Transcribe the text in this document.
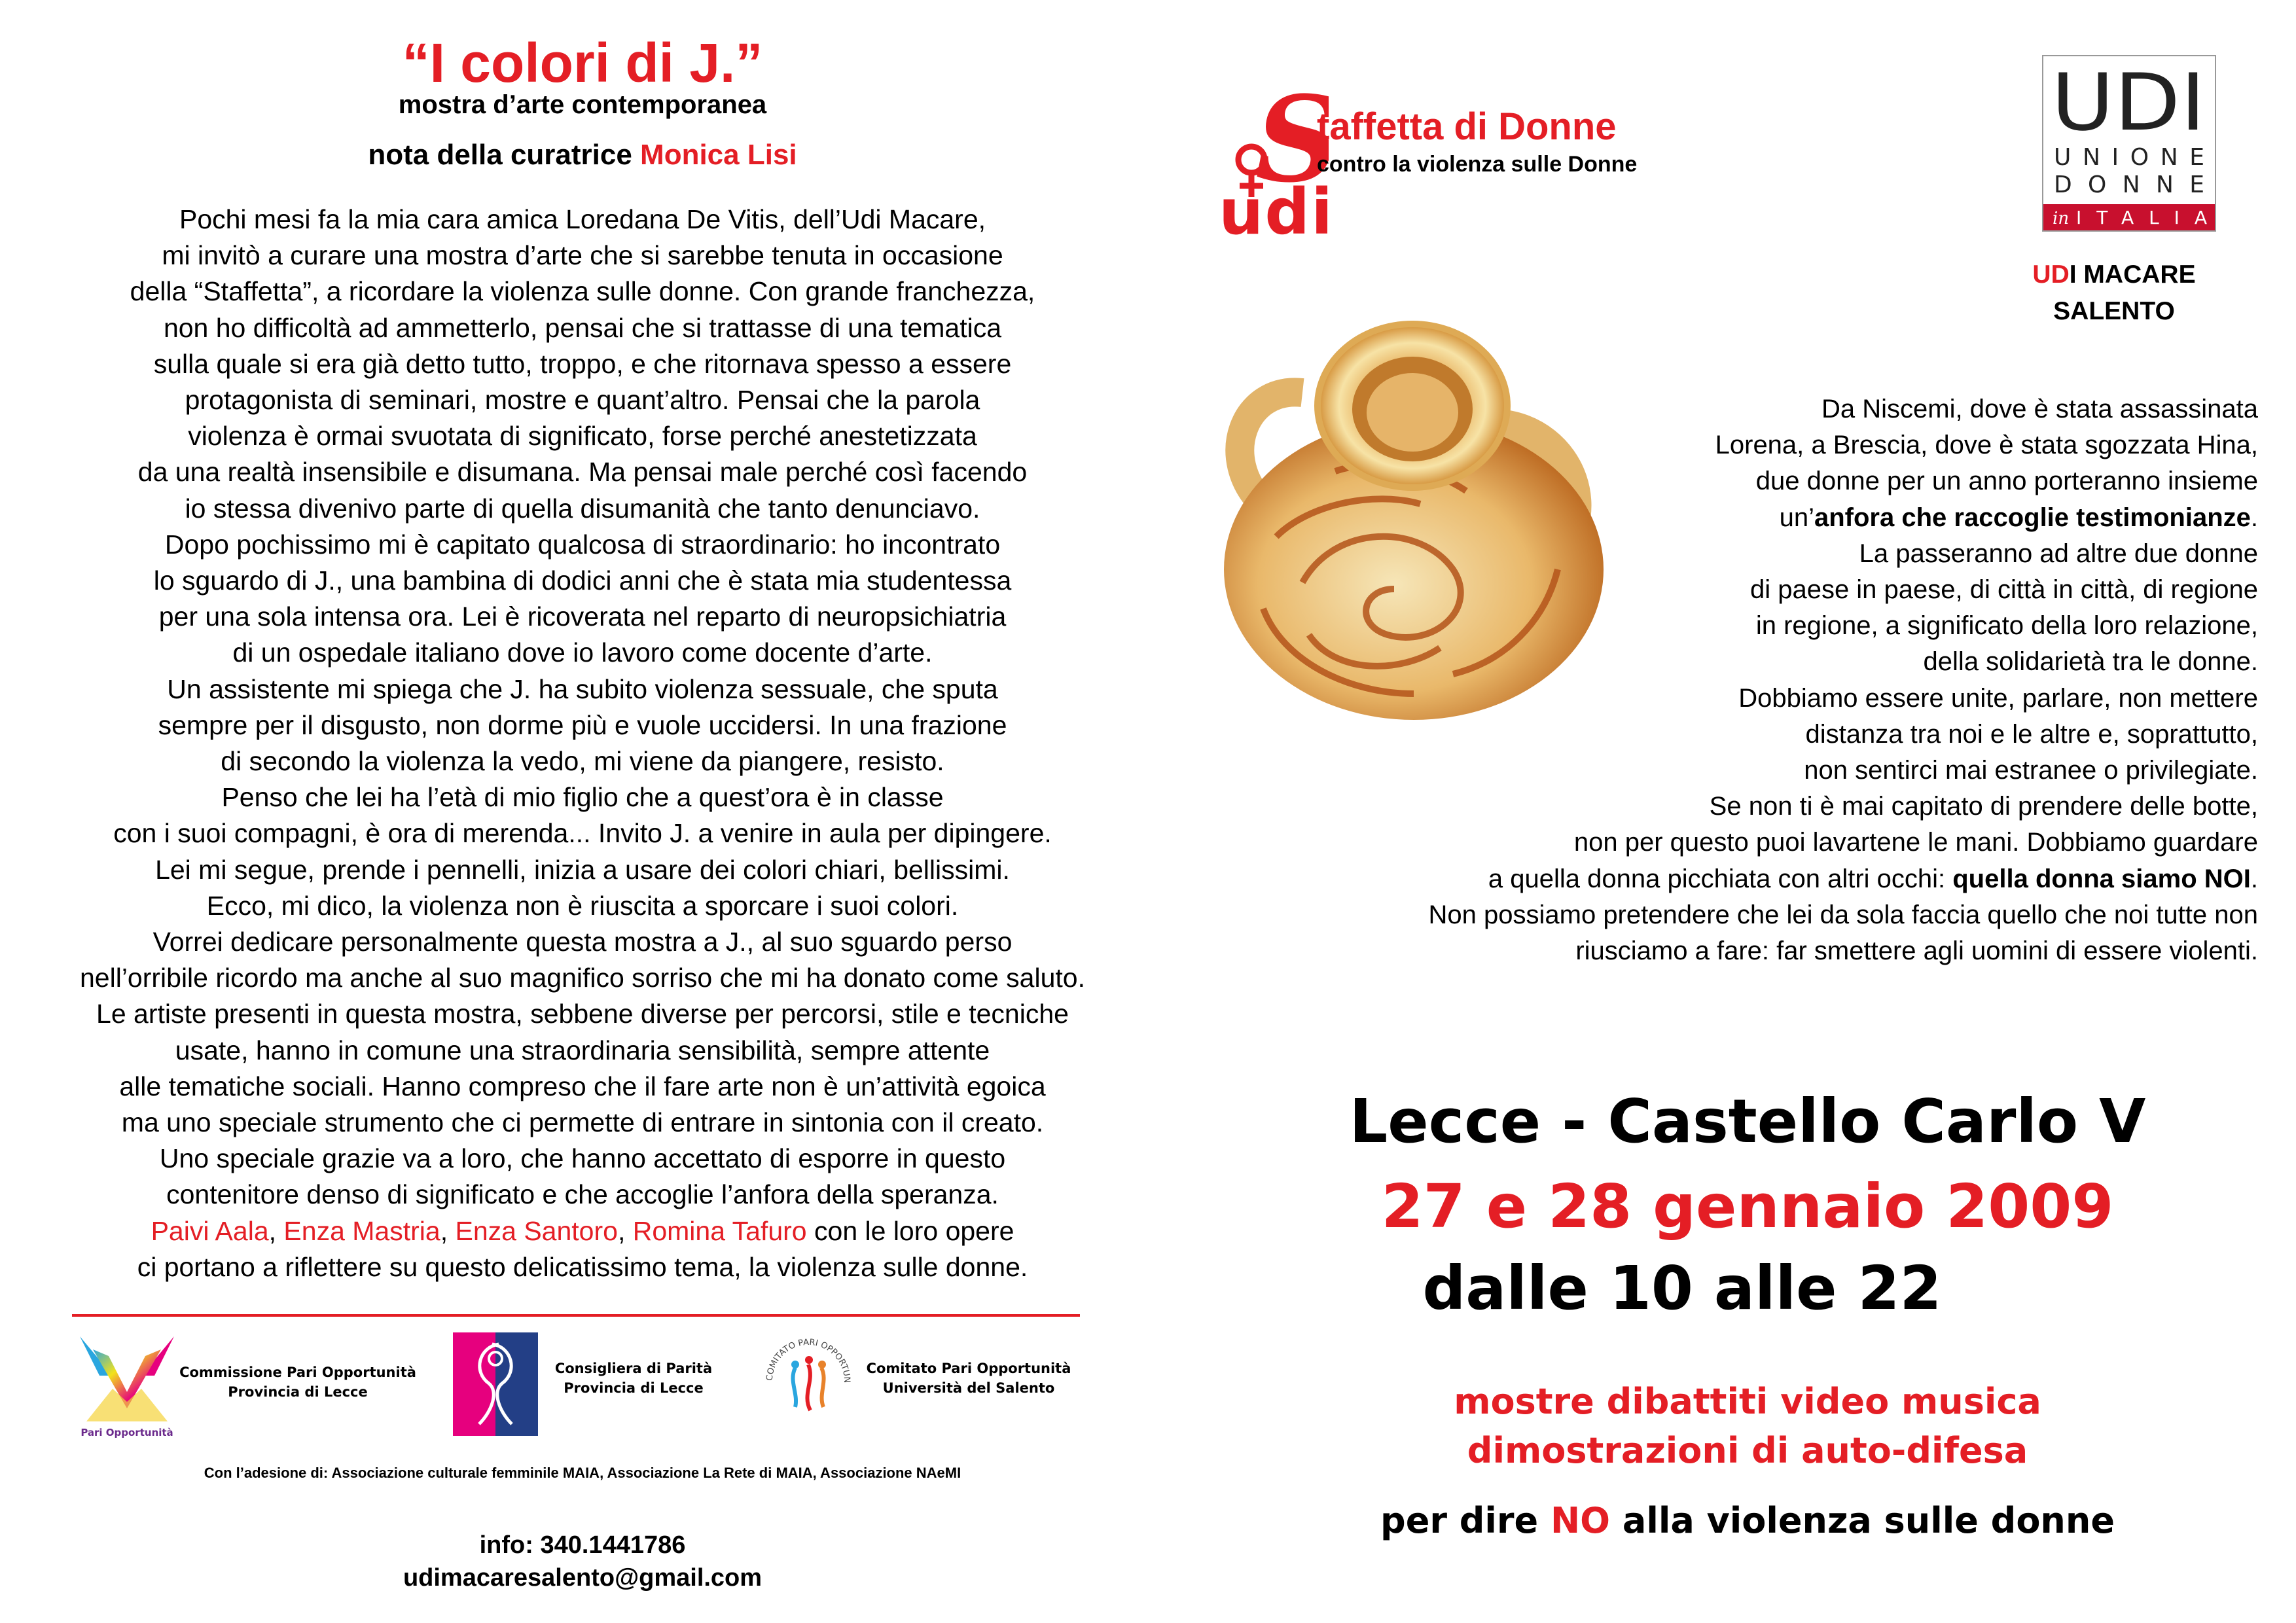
“I colori di J.”
mostra d’arte contemporanea
nota della curatrice Monica Lisi
Pochi mesi fa la mia cara amica Loredana De Vitis, dell’Udi Macare,
mi invitò a curare una mostra d’arte che si sarebbe tenuta in occasione
della “Staffetta”, a ricordare la violenza sulle donne. Con grande franchezza,
non ho difficoltà ad ammetterlo, pensai che si trattasse di una tematica
sulla quale si era già detto tutto, troppo, e che ritornava spesso a essere
protagonista di seminari, mostre e quant’altro. Pensai che la parola
violenza è ormai svuotata di significato, forse perché anestetizzata
da una realtà insensibile e disumana. Ma pensai male perché così facendo
io stessa divenivo parte di quella disumanità che tanto denunciavo.
Dopo pochissimo mi è capitato qualcosa di straordinario: ho incontrato
lo sguardo di J., una bambina di dodici anni che è stata mia studentessa
per una sola intensa ora. Lei è ricoverata nel reparto di neuropsichiatria
di un ospedale italiano dove io lavoro come docente d’arte.
Un assistente mi spiega che J. ha subito violenza sessuale, che sputa
sempre per il disgusto, non dorme più e vuole uccidersi. In una frazione
di secondo la violenza la vedo, mi viene da piangere, resisto.
Penso che lei ha l’età di mio figlio che a quest’ora è in classe
con i suoi compagni, è ora di merenda... Invito J. a venire in aula per dipingere.
Lei mi segue, prende i pennelli, inizia a usare dei colori chiari, bellissimi.
Ecco, mi dico, la violenza non è riuscita a sporcare i suoi colori.
Vorrei dedicare personalmente questa mostra a J., al suo sguardo perso
nell’orribile ricordo ma anche al suo magnifico sorriso che mi ha donato come saluto.
Le artiste presenti in questa mostra, sebbene diverse per percorsi, stile e tecniche
usate, hanno in comune una straordinaria sensibilità, sempre attente
alle tematiche sociali. Hanno compreso che il fare arte non è un’attività egoica
ma uno speciale strumento che ci permette di entrare in sintonia con il creato.
Uno speciale grazie va a loro, che hanno accettato di esporre in questo
contenitore denso di significato e che accoglie l’anfora della speranza.
Paivi Aala, Enza Mastria, Enza Santoro, Romina Tafuro con le loro opere
ci portano a riflettere su questo delicatissimo tema, la violenza sulle donne.
Pari Opportunità
Commissione Pari Opportunità
Provincia di Lecce
Consigliera di Parità
Provincia di Lecce
COMITATO PARI OPPORTUN
Comitato Pari Opportunità
Università del Salento
Con l’adesione di: Associazione culturale femminile MAIA, Associazione La Rete di MAIA, Associazione NAeMI
info: 340.1441786
udimacaresalento@gmail.com
udi
taffetta di Donne
contro la violenza sulle Donne
UDI
UNIONE
DONNE
in ITALIA
UDI MACARE
SALENTO
Da Niscemi, dove è stata assassinata
Lorena, a Brescia, dove è stata sgozzata Hina,
due donne per un anno porteranno insieme
un’anfora che raccoglie testimonianze.
La passeranno ad altre due donne
di paese in paese, di città in città, di regione
in regione, a significato della loro relazione,
della solidarietà tra le donne.
Dobbiamo essere unite, parlare, non mettere
distanza tra noi e le altre e, soprattutto,
non sentirci mai estranee o privilegiate.
Se non ti è mai capitato di prendere delle botte,
non per questo puoi lavartene le mani. Dobbiamo guardare
a quella donna picchiata con altri occhi: quella donna siamo NOI.
Non possiamo pretendere che lei da sola faccia quello che noi tutte non
riusciamo a fare: far smettere agli uomini di essere violenti.
Lecce - Castello Carlo V
27 e 28 gennaio 2009
dalle 10 alle 22
mostre dibattiti video musica
dimostrazioni di auto-difesa
per dire NO alla violenza sulle donne
